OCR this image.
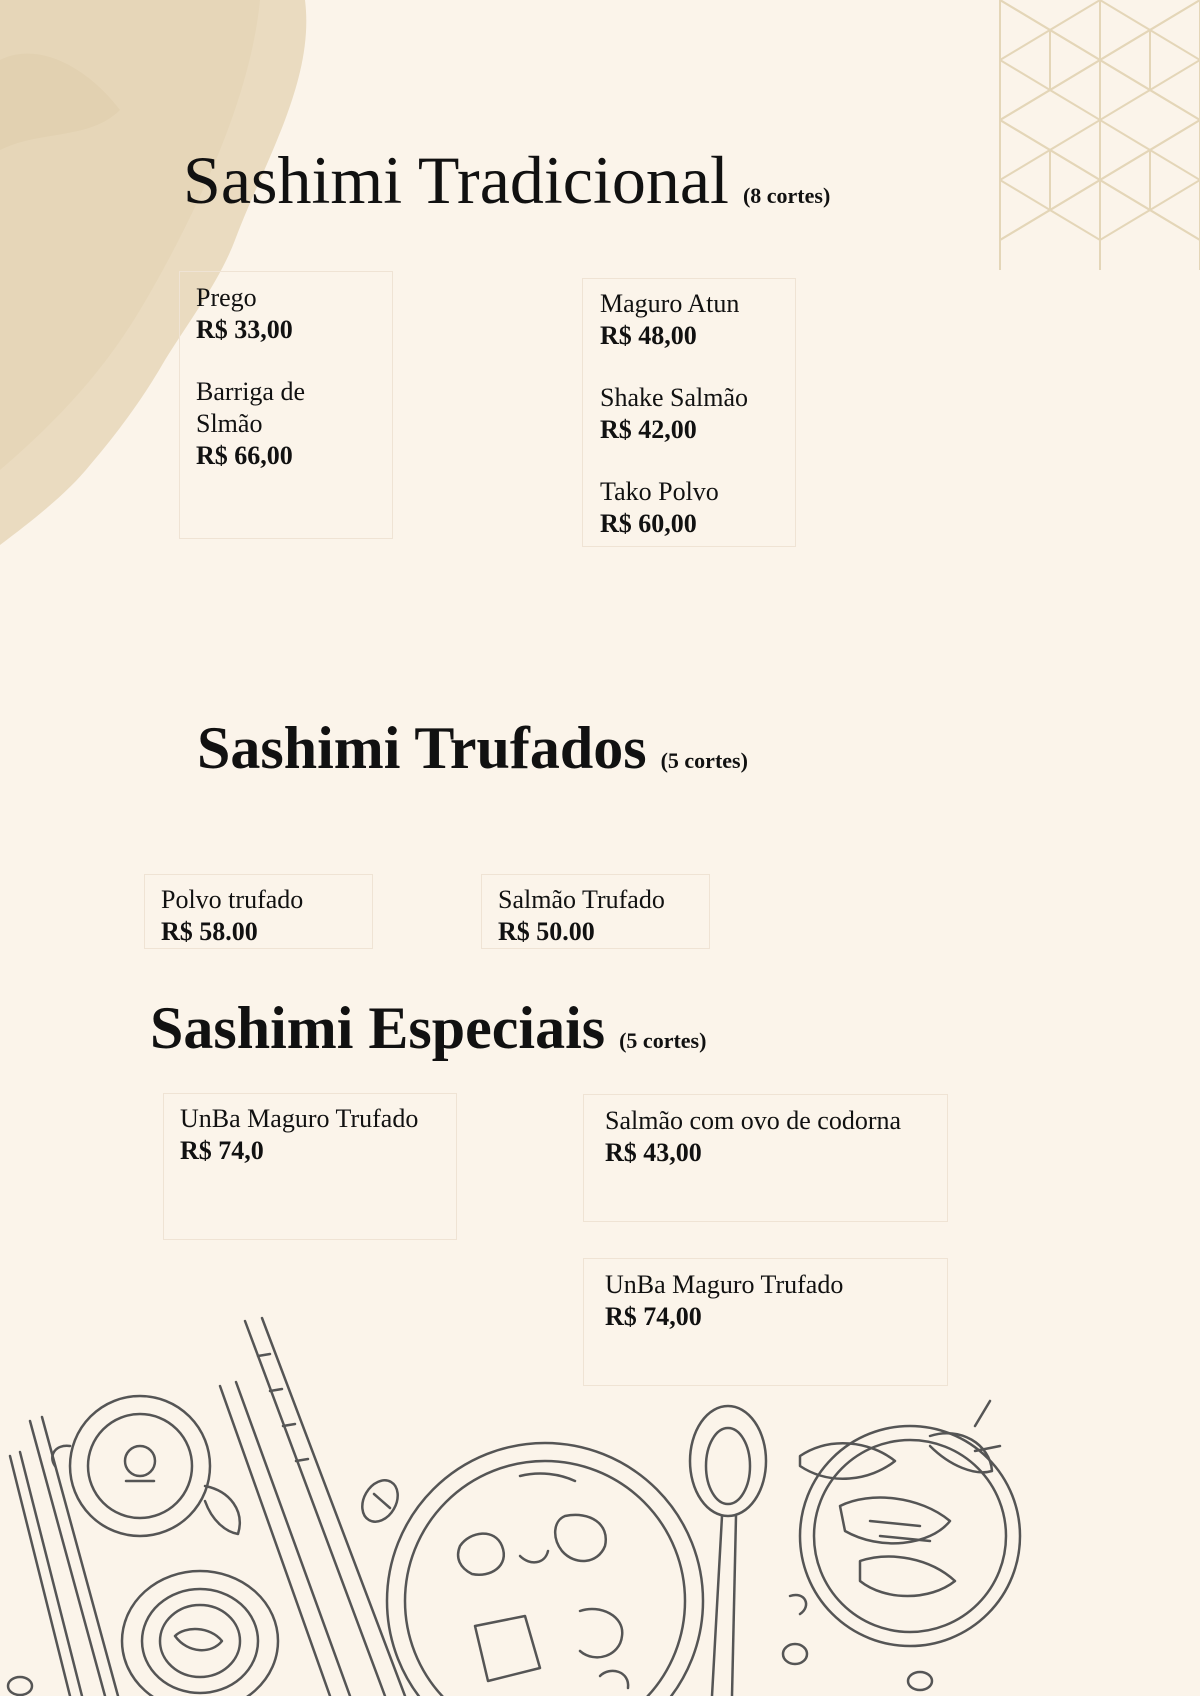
Sashimi Tradicional (8 cortes)
Prego
R$ 33,00
Barriga de Slmão
R$ 66,00
Maguro Atun
R$ 48,00
Shake Salmão
R$ 42,00
Tako Polvo
R$ 60,00
Sashimi Trufados (5 cortes)
Polvo trufado
R$ 58.00
Salmão Trufado
R$ 50.00
Sashimi Especiais (5 cortes)
UnBa Maguro Trufado
R$ 74,0
Salmão com ovo de codorna
R$ 43,00
UnBa Maguro Trufado
R$ 74,00
